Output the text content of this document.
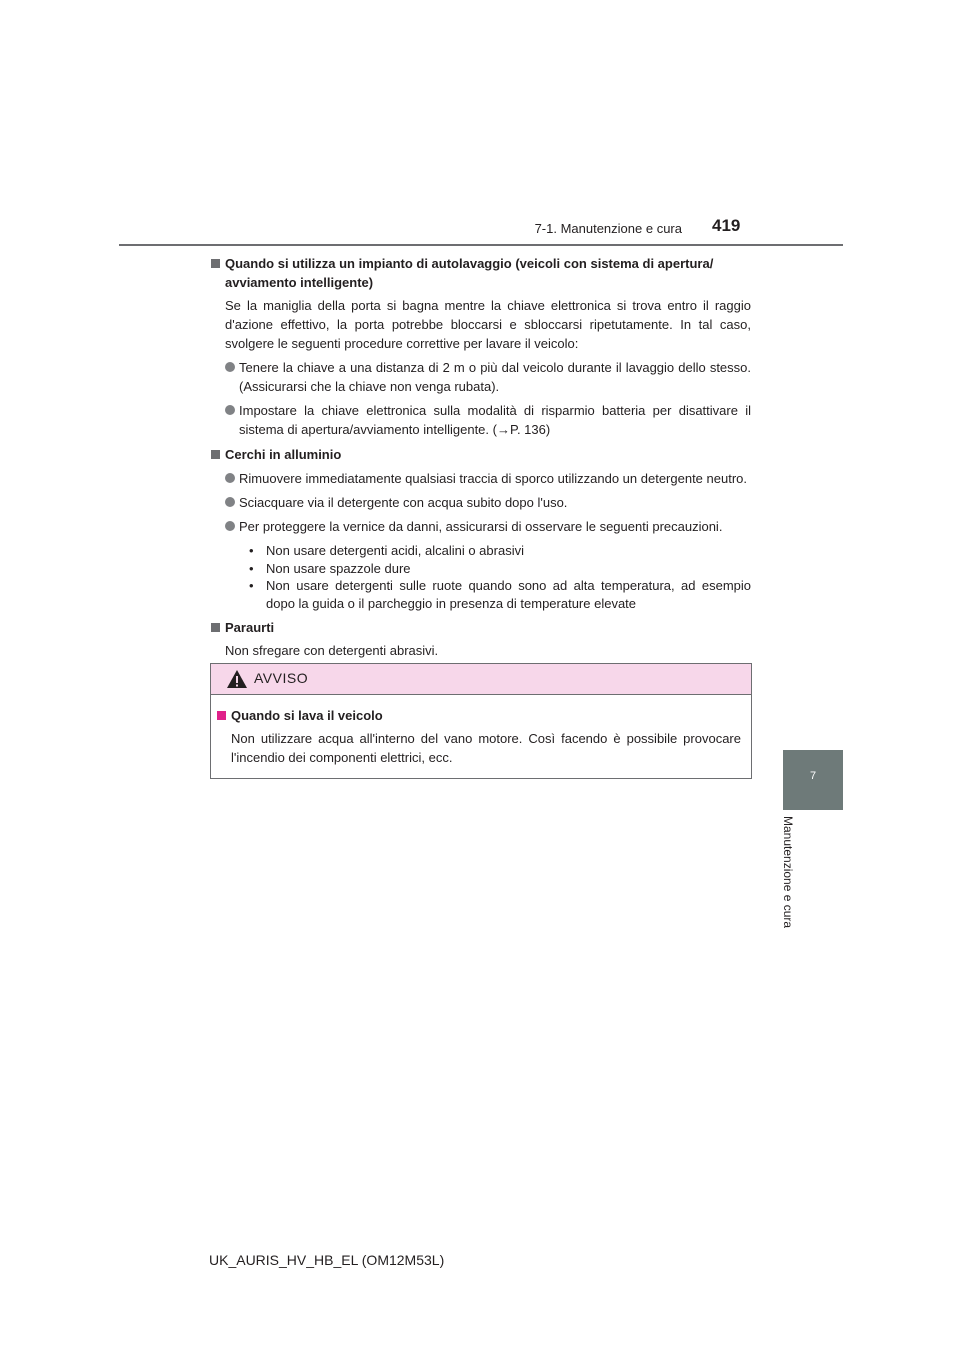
7-1. Manutenzione e cura 419
7
Manutenzione e cura
Quando si utilizza un impianto di autolavaggio (veicoli con sistema di apertura/ avviamento intelligente)
Se la maniglia della porta si bagna mentre la chiave elettronica si trova entro il raggio d'azione effettivo, la porta potrebbe bloccarsi e sbloccarsi ripetutamente. In tal caso, svolgere le seguenti procedure correttive per lavare il veicolo:
Tenere la chiave a una distanza di 2 m o più dal veicolo durante il lavaggio dello stesso. (Assicurarsi che la chiave non venga rubata).
Impostare la chiave elettronica sulla modalità di risparmio batteria per disattivare il sistema di apertura/avviamento intelligente. (→P. 136)
Cerchi in alluminio
Rimuovere immediatamente qualsiasi traccia di sporco utilizzando un detergente neutro.
Sciacquare via il detergente con acqua subito dopo l'uso.
Per proteggere la vernice da danni, assicurarsi di osservare le seguenti precauzioni.
• Non usare detergenti acidi, alcalini o abrasivi
• Non usare spazzole dure
• Non usare detergenti sulle ruote quando sono ad alta temperatura, ad esempio dopo la guida o il parcheggio in presenza di temperature elevate
Paraurti
Non sfregare con detergenti abrasivi.
AVVISO
Quando si lava il veicolo
Non utilizzare acqua all'interno del vano motore. Così facendo è possibile provocare l'incendio dei componenti elettrici, ecc.
UK_AURIS_HV_HB_EL (OM12M53L)
